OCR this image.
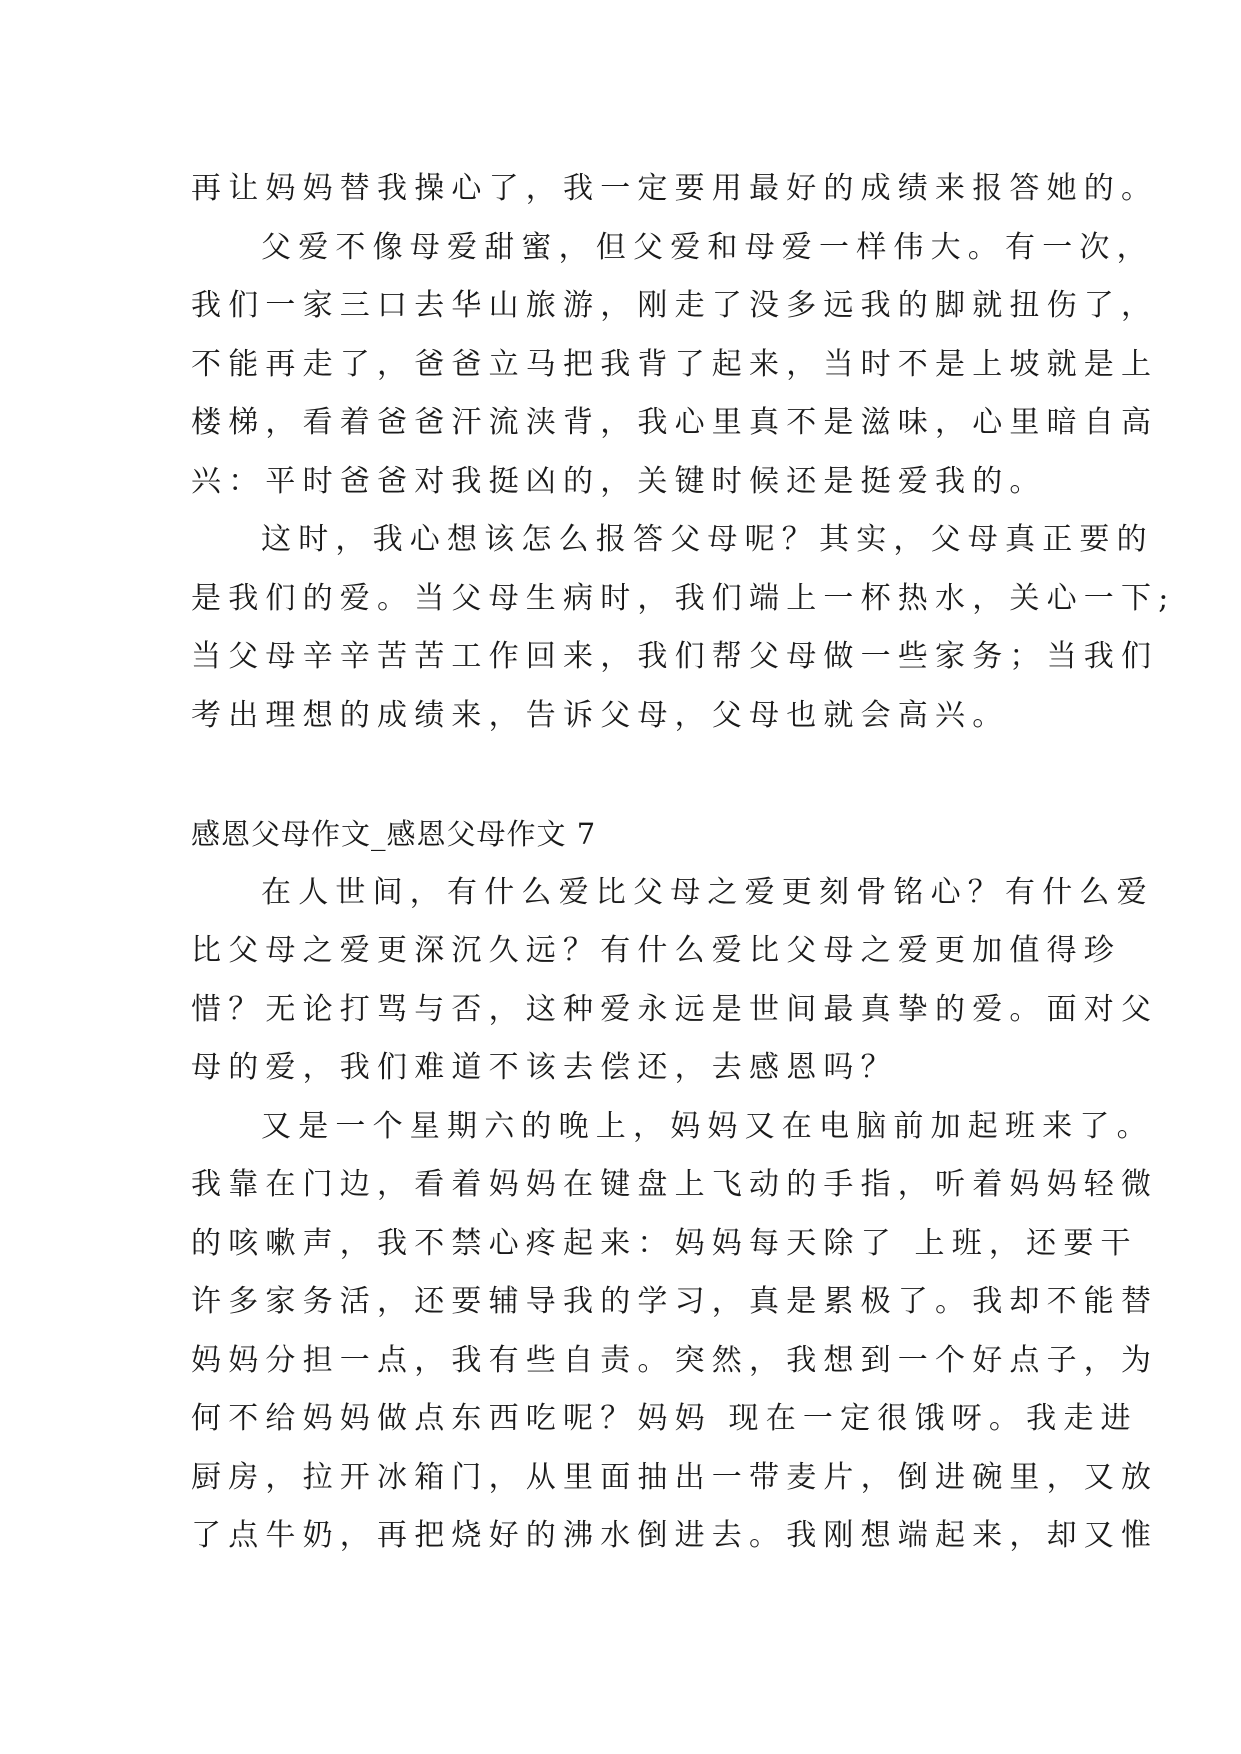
再让妈妈替我操心了，我一定要用最好的成绩来报答她的。
父爱不像母爱甜蜜，但父爱和母爱一样伟大。有一次，
我们一家三口去华山旅游，刚走了没多远我的脚就扭伤了，
不能再走了，爸爸立马把我背了起来，当时不是上坡就是上
楼梯，看着爸爸汗流浃背，我心里真不是滋味，心里暗自高
兴：平时爸爸对我挺凶的，关键时候还是挺爱我的。
这时，我心想该怎么报答父母呢？其实，父母真正要的
是我们的爱。当父母生病时，我们端上一杯热水，关心一下;
当父母辛辛苦苦工作回来，我们帮父母做一些家务；当我们
考出理想的成绩来，告诉父母，父母也就会高兴。
感恩父母作文_感恩父母作文 7
在人世间，有什么爱比父母之爱更刻骨铭心？有什么爱
比父母之爱更深沉久远？有什么爱比父母之爱更加值得珍
惜？无论打骂与否，这种爱永远是世间最真挚的爱。面对父
母的爱，我们难道不该去偿还，去感恩吗？
又是一个星期六的晚上，妈妈又在电脑前加起班来了。
我靠在门边，看着妈妈在键盘上飞动的手指，听着妈妈轻微
的咳嗽声，我不禁心疼起来：妈妈每天除了 上班，还要干
许多家务活，还要辅导我的学习，真是累极了。我却不能替
妈妈分担一点，我有些自责。突然，我想到一个好点子，为
何不给妈妈做点东西吃呢？妈妈 现在一定很饿呀。我走进
厨房，拉开冰箱门，从里面抽出一带麦片，倒进碗里，又放
了点牛奶，再把烧好的沸水倒进去。我刚想端起来，却又惟
